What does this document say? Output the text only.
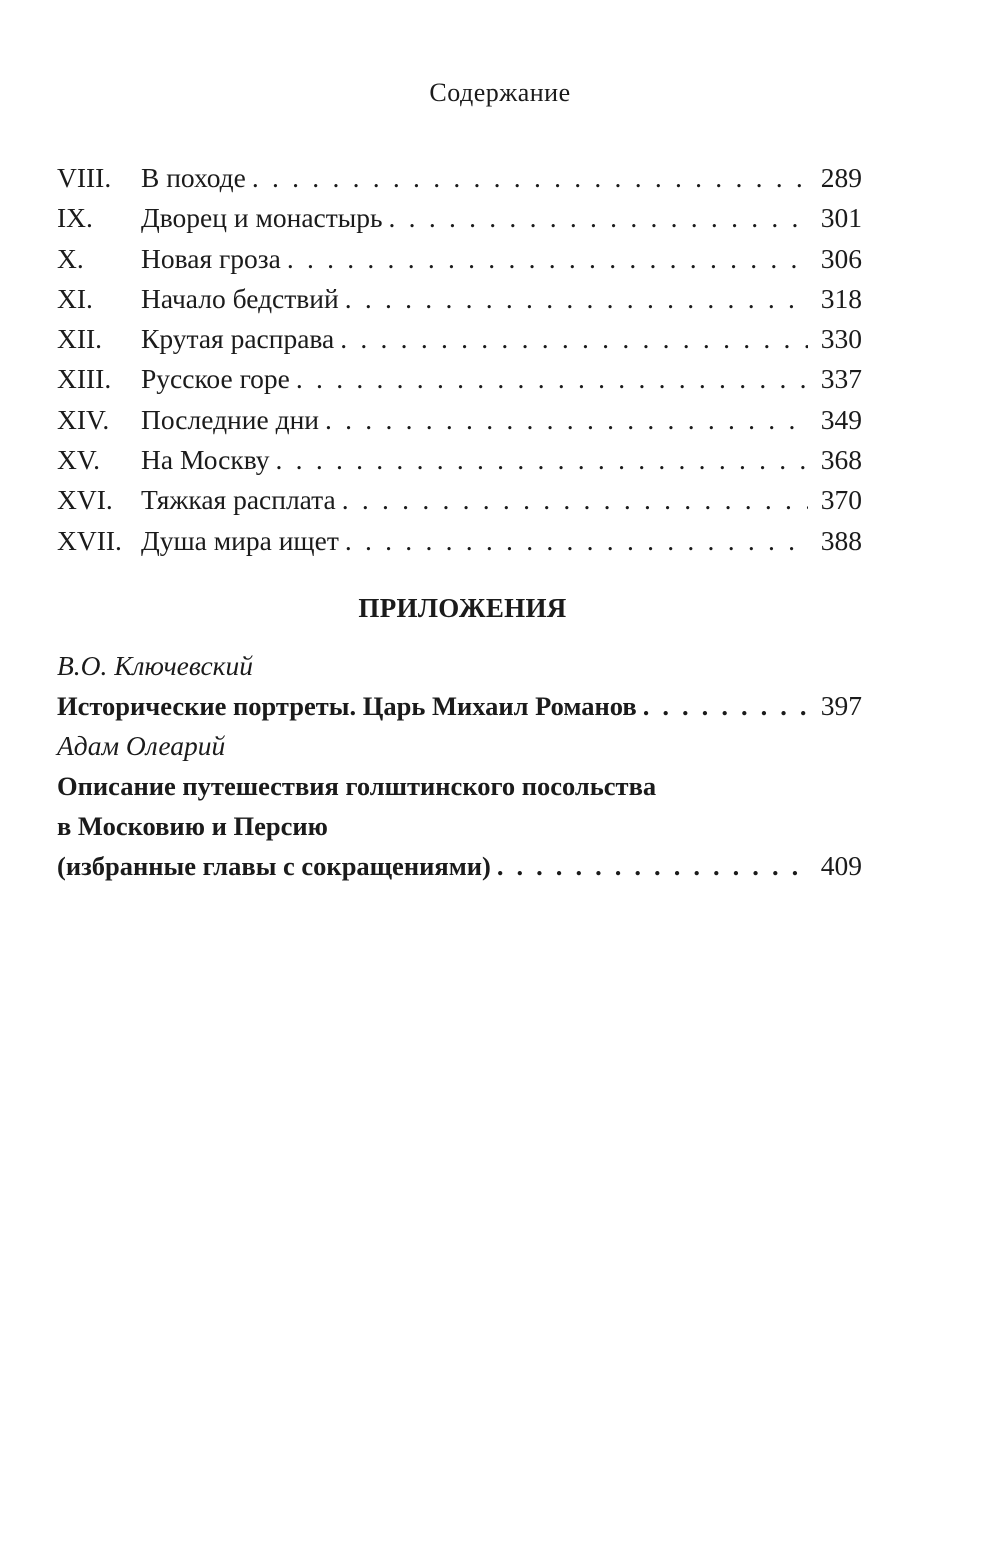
Содержание
VIII.	В походе . . .	289
IX.	Дворец и монастырь . . .	301
X.	Новая гроза . . .	306
XI.	Начало бедствий . . .	318
XII.	Крутая расправа . . .	330
XIII.	Русское горе . . .	337
XIV.	Последние дни . . .	349
XV.	На Москву . . .	368
XVI.	Тяжкая расплата . . .	370
XVII. Душа мира ищет . . .	388
ПРИЛОЖЕНИЯ
В.О. Ключевский
Исторические портреты. Царь Михаил Романов . . .	397
Адам Олеарий
Описание путешествия голштинского посольства
в Московию и Персию
(избранные главы с сокращениями) . . .	409
